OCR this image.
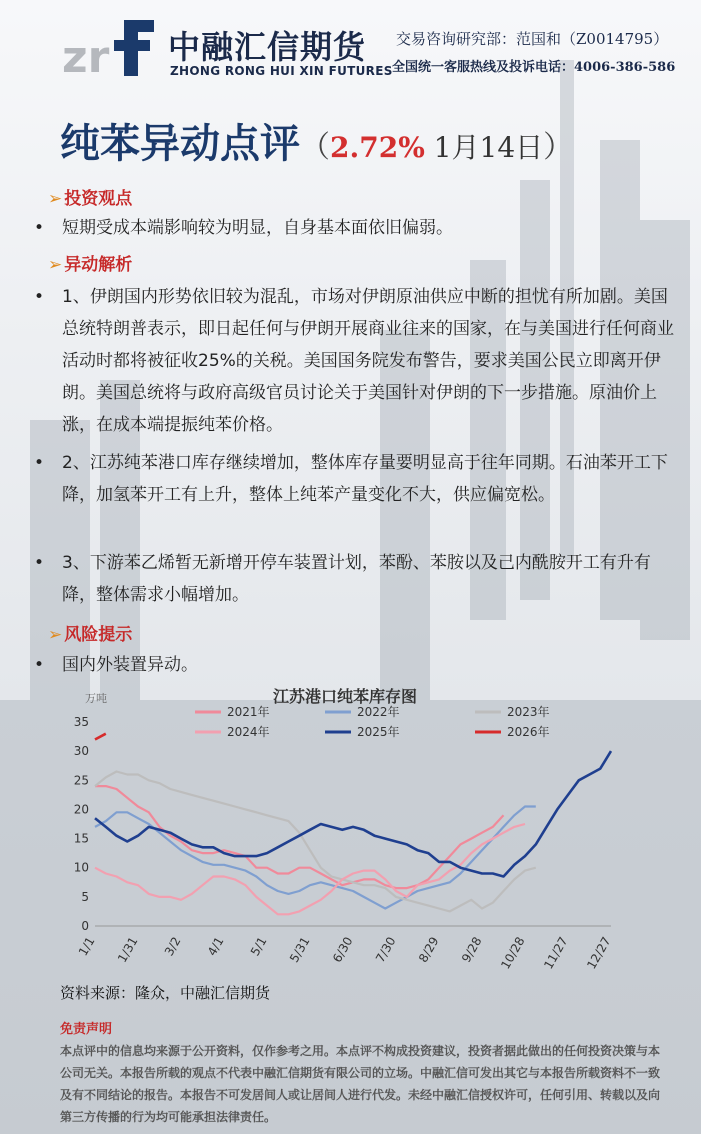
zr 中融汇信期货
ZHONG RONG HUI XIN FUTURES
交易咨询研究部：范国和（Z0014795）
全国统一客服热线及投诉电话：4006-386-586
纯苯异动点评（2.72% 1月14日）
➢ 投资观点
• 短期受成本端影响较为明显，自身基本面依旧偏弱。
➢ 异动解析
• 1、伊朗国内形势依旧较为混乱，市场对伊朗原油供应中断的担忧有所加剧。美国总统特朗普表示，即日起任何与伊朗开展商业往来的国家，在与美国进行任何商业活动时都将被征收25%的关税。美国国务院发布警告，要求美国公民立即离开伊朗。美国总统将与政府高级官员讨论关于美国针对伊朗的下一步措施。原油价上涨，在成本端提振纯苯价格。
• 2、江苏纯苯港口库存继续增加，整体库存量要明显高于往年同期。石油苯开工下降，加氢苯开工有上升，整体上纯苯产量变化不大，供应偏宽松。
• 3、下游苯乙烯暂无新增开停车装置计划，苯酚、苯胺以及己内酰胺开工有升有降，整体需求小幅增加。
➢ 风险提示
• 国内外装置异动。
江苏港口纯苯库存图
万吨
0
5
10
15
20
25
30
35
1/1 1/31 3/2 4/1 5/1 5/31 6/30 7/30 8/29 9/28 10/28 11/27 12/27
2021年	2022年	2023年
2024年	2025年	2026年
资料来源：隆众，中融汇信期货
免责声明
本点评中的信息均来源于公开资料，仅作参考之用。本点评不构成投资建议，投资者据此做出的任何投资决策与本公司无关。本报告所载的观点不代表中融汇信期货有限公司的立场。中融汇信可发出其它与本报告所载资料不一致及有不同结论的报告。本报告不可发居间人或让居间人进行代发。未经中融汇信授权许可，任何引用、转载以及向第三方传播的行为均可能承担法律责任。
